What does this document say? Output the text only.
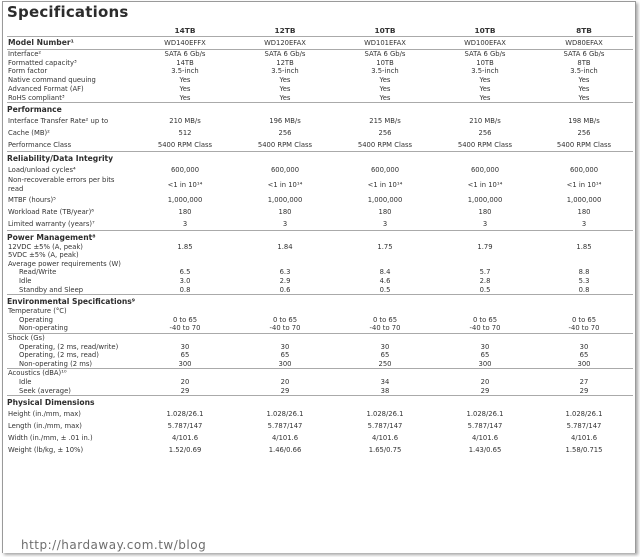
Specifications
	14TB	12TB	10TB	10TB	8TB
Model Number¹	WD140EFFX	WD120EFAX	WD101EFAX	WD100EFAX	WD80EFAX
Interface²	SATA 6 Gb/s	SATA 6 Gb/s	SATA 6 Gb/s	SATA 6 Gb/s	SATA 6 Gb/s
Formatted capacity³	14TB	12TB	10TB	10TB	8TB
Form factor	3.5-inch	3.5-inch	3.5-inch	3.5-inch	3.5-inch
Native command queuing	Yes	Yes	Yes	Yes	Yes
Advanced Format (AF)	Yes	Yes	Yes	Yes	Yes
RoHS compliant³	Yes	Yes	Yes	Yes	Yes
Performance					
Interface Transfer Rate² up to	210 MB/s	196 MB/s	215 MB/s	210 MB/s	198 MB/s
Cache (MB)²	512	256	256	256	256
Performance Class	5400 RPM Class	5400 RPM Class	5400 RPM Class	5400 RPM Class	5400 RPM Class
Reliability/Data Integrity					
Load/unload cycles⁴	600,000	600,000	600,000	600,000	600,000

Non-recoverable errors per bits
read	<1 in 10¹⁴	<1 in 10¹⁴	<1 in 10¹⁴	<1 in 10¹⁴	<1 in 10¹⁴
MTBF (hours)⁵	1,000,000	1,000,000	1,000,000	1,000,000	1,000,000
Workload Rate (TB/year)⁶	180	180	180	180	180
Limited warranty (years)⁷	3	3	3	3	3
Power Management⁸					
12VDC ±5% (A, peak)	1.85	1.84	1.75	1.79	1.85
5VDC ±5% (A, peak)					
Average power requirements (W)					
Read/Write	6.5	6.3	8.4	5.7	8.8
Idle	3.0	2.9	4.6	2.8	5.3
Standby and Sleep	0.8	0.6	0.5	0.5	0.8
Environmental Specifications⁹					
Temperature (°C)					
Operating	0 to 65	0 to 65	0 to 65	0 to 65	0 to 65
Non-operating	-40 to 70	-40 to 70	-40 to 70	-40 to 70	-40 to 70
Shock (Gs)					
Operating, (2 ms, read/write)	30	30	30	30	30
Operating, (2 ms, read)	65	65	65	65	65
Non-operating (2 ms)	300	300	250	300	300
Acoustics (dBA)¹⁰					
Idle	20	20	34	20	27
Seek (average)	29	29	38	29	29
Physical Dimensions					
Height (in./mm, max)	1.028/26.1	1.028/26.1	1.028/26.1	1.028/26.1	1.028/26.1
Length (in./mm, max)	5.787/147	5.787/147	5.787/147	5.787/147	5.787/147
Width (in./mm, ± .01 in.)	4/101.6	4/101.6	4/101.6	4/101.6	4/101.6
Weight (lb/kg, ± 10%)	1.52/0.69	1.46/0.66	1.65/0.75	1.43/0.65	1.58/0.715
http://hardaway.com.tw/blog
